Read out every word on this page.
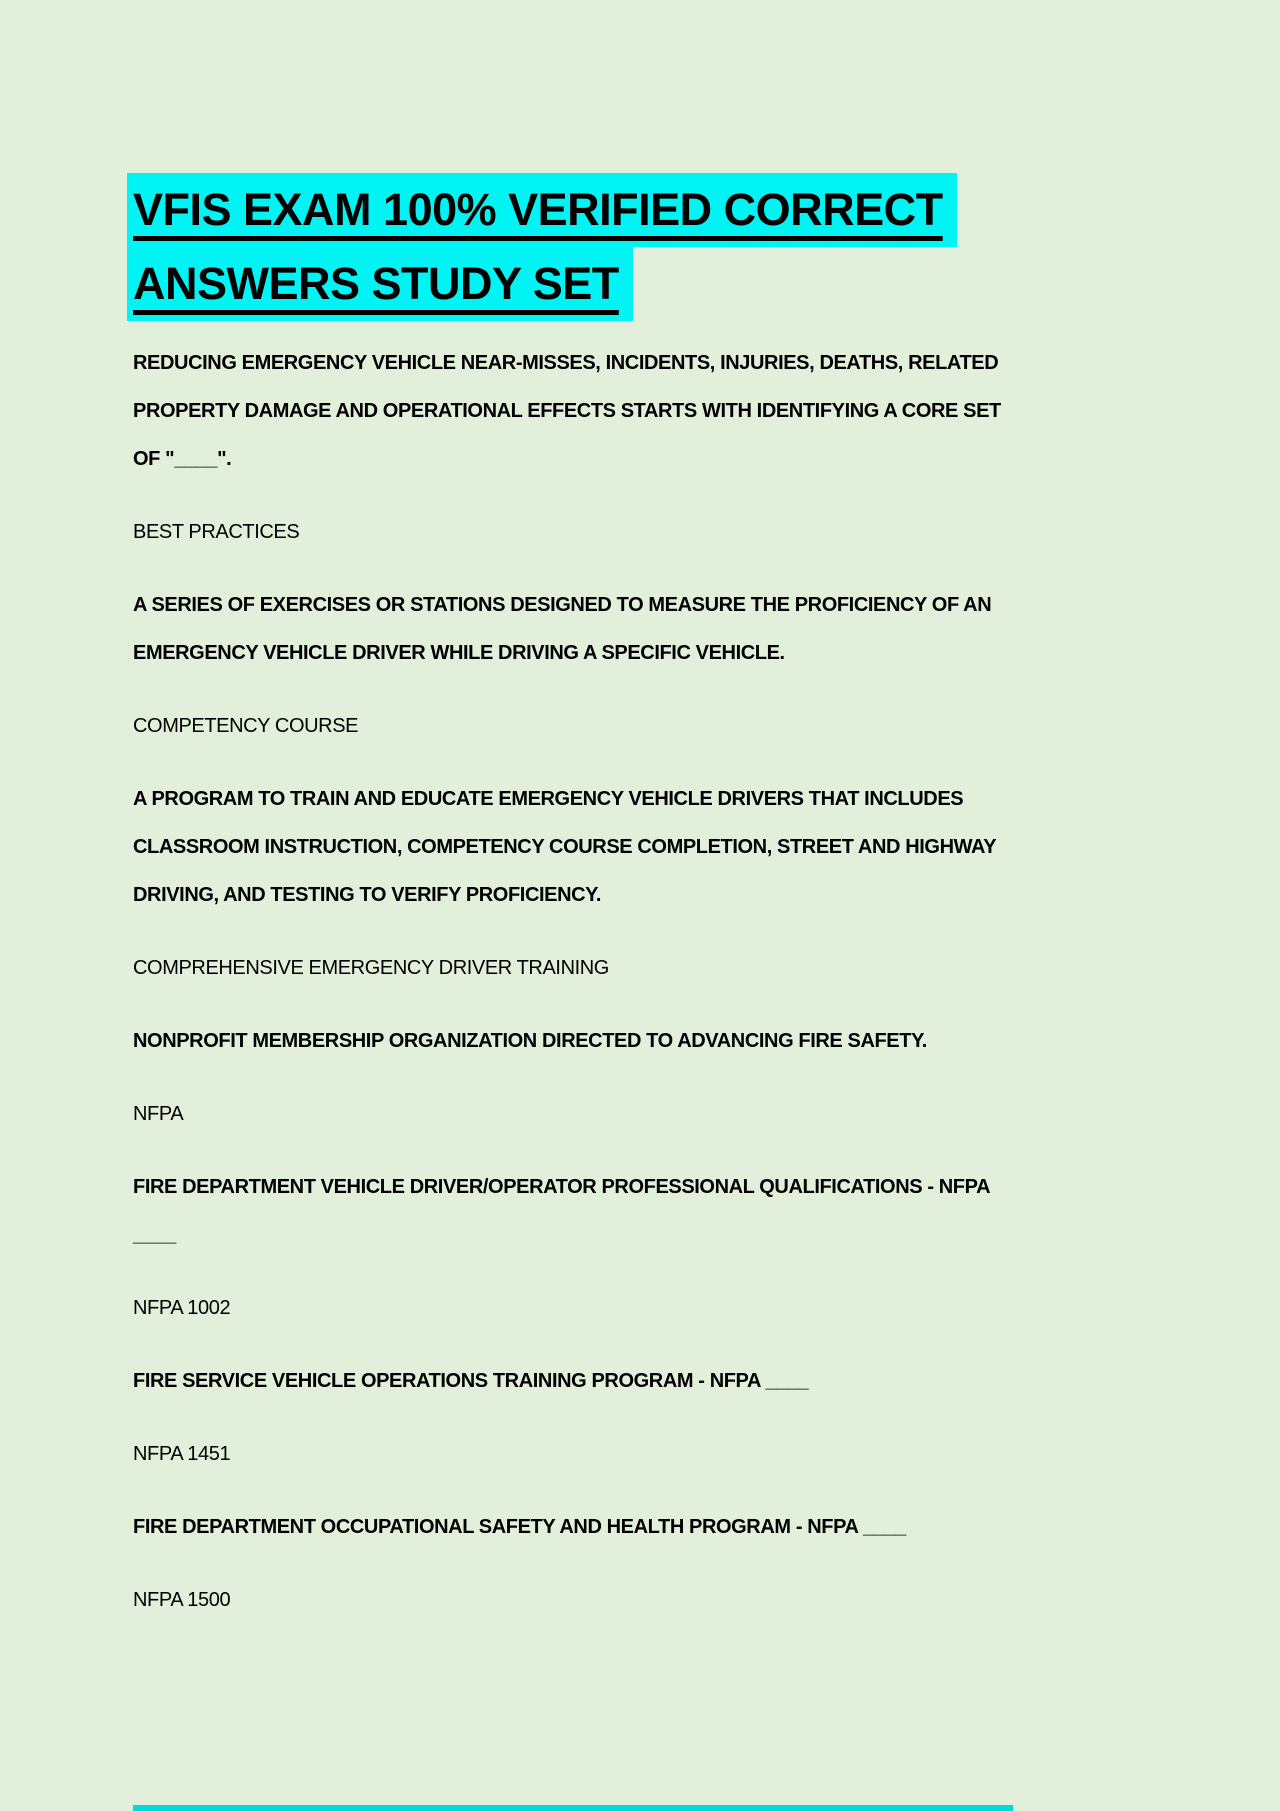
VFIS EXAM 100% VERIFIED CORRECT
ANSWERS STUDY SET

REDUCING EMERGENCY VEHICLE NEAR-MISSES, INCIDENTS, INJURIES, DEATHS, RELATED
PROPERTY DAMAGE AND OPERATIONAL EFFECTS STARTS WITH IDENTIFYING A CORE SET
OF "____".

BEST PRACTICES

A SERIES OF EXERCISES OR STATIONS DESIGNED TO MEASURE THE PROFICIENCY OF AN
EMERGENCY VEHICLE DRIVER WHILE DRIVING A SPECIFIC VEHICLE.

COMPETENCY COURSE

A PROGRAM TO TRAIN AND EDUCATE EMERGENCY VEHICLE DRIVERS THAT INCLUDES
CLASSROOM INSTRUCTION, COMPETENCY COURSE COMPLETION, STREET AND HIGHWAY
DRIVING, AND TESTING TO VERIFY PROFICIENCY.

COMPREHENSIVE EMERGENCY DRIVER TRAINING

NONPROFIT MEMBERSHIP ORGANIZATION DIRECTED TO ADVANCING FIRE SAFETY.

NFPA

FIRE DEPARTMENT VEHICLE DRIVER/OPERATOR PROFESSIONAL QUALIFICATIONS - NFPA
____

NFPA 1002

FIRE SERVICE VEHICLE OPERATIONS TRAINING PROGRAM - NFPA ____

NFPA 1451

FIRE DEPARTMENT OCCUPATIONAL SAFETY AND HEALTH PROGRAM - NFPA ____

NFPA 1500
